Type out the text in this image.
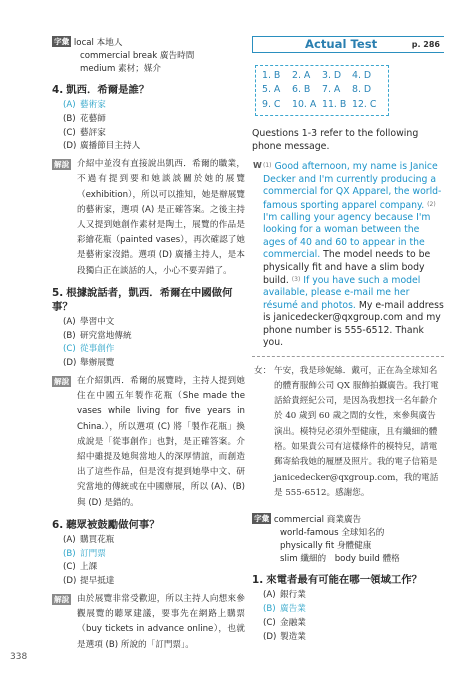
字彙 local 本地人
commercial break 廣告時間
medium 素材；媒介
4. 凱西．希爾是誰？
(A) 藝術家
(B) 花藝師
(C) 藝評家
(D) 廣播節目主持人
解說 介紹中並沒有直接說出凱西．希爾的職業，不過有提到要和她談談關於她的展覽（exhibition），所以可以推知，她是辦展覽的藝術家，選項 (A) 是正確答案。之後主持人又提到她創作素材是陶土，展覽的作品是彩繪花瓶（painted vases），再次確認了她是藝術家沒錯。選項 (D) 廣播主持人，是本段獨白正在談話的人，小心不要弄錯了。
5. 根據說話者，凱西．希爾在中國做何事？
(A) 學習中文
(B) 研究當地傳統
(C) 從事創作
(D) 舉辦展覽
解說 在介紹凱西．希爾的展覽時，主持人提到她住在中國五年製作花瓶（She made the vases while living for five years in China.），所以選項 (C) 將「製作花瓶」換成說是「從事創作」也對，是正確答案。介紹中雖提及她與當地人的深厚情誼，而創造出了這些作品，但是沒有提到她學中文、研究當地的傳統或在中國辦展，所以 (A)、(B) 與 (D) 是錯的。
6. 聽眾被鼓勵做何事？
(A) 購買花瓶
(B) 訂門票
(C) 上課
(D) 提早抵達
解說 由於展覽非常受歡迎，所以主持人向想來參觀展覽的聽眾建議，要事先在網路上購票（buy tickets in advance online），也就是選項 (B) 所說的「訂門票」。
Actual Test	p. 286
1. B	2. A	3. D	4. D
5. A	6. B	7. A	8. D
9. C	10. A 11. B 12. C
Questions 1-3 refer to the following phone message.
W $^{(1)}$ Good afternoon, my name is Janice Decker and I'm currently producing a commercial for QX Apparel, the world-famous sporting apparel company. $^{(2)}$ I'm calling your agency because I'm looking for a woman between the ages of 40 and 60 to appear in the commercial. The model needs to be physically fit and have a slim body build. $^{(3)}$ If you have such a model available, please e-mail me her résumé and photos. My e-mail address is janicedecker@qxgroup.com and my phone number is 555-6512. Thank you.
女： 午安，我是珍妮絲．戴可，正在為全球知名的體育服飾公司 QX 服飾拍攝廣告。我打電話給貴經紀公司，是因為我想找一名年齡介於 40 歲到 60 歲之間的女性，來參與廣告演出。模特兒必須外型健康，且有纖細的體格。如果貴公司有這樣條件的模特兒，請電郵寄給我她的履歷及照片。我的電子信箱是 janicedecker@qxgroup.com，我的電話是 555-6512。感謝您。
字彙 commercial 商業廣告
world-famous 全球知名的
physically fit 身體健康
slim 纖細的　body build 體格
1. 來電者最有可能在哪一領域工作？
(A) 銀行業
(B) 廣告業
(C) 金融業
(D) 製造業
338
